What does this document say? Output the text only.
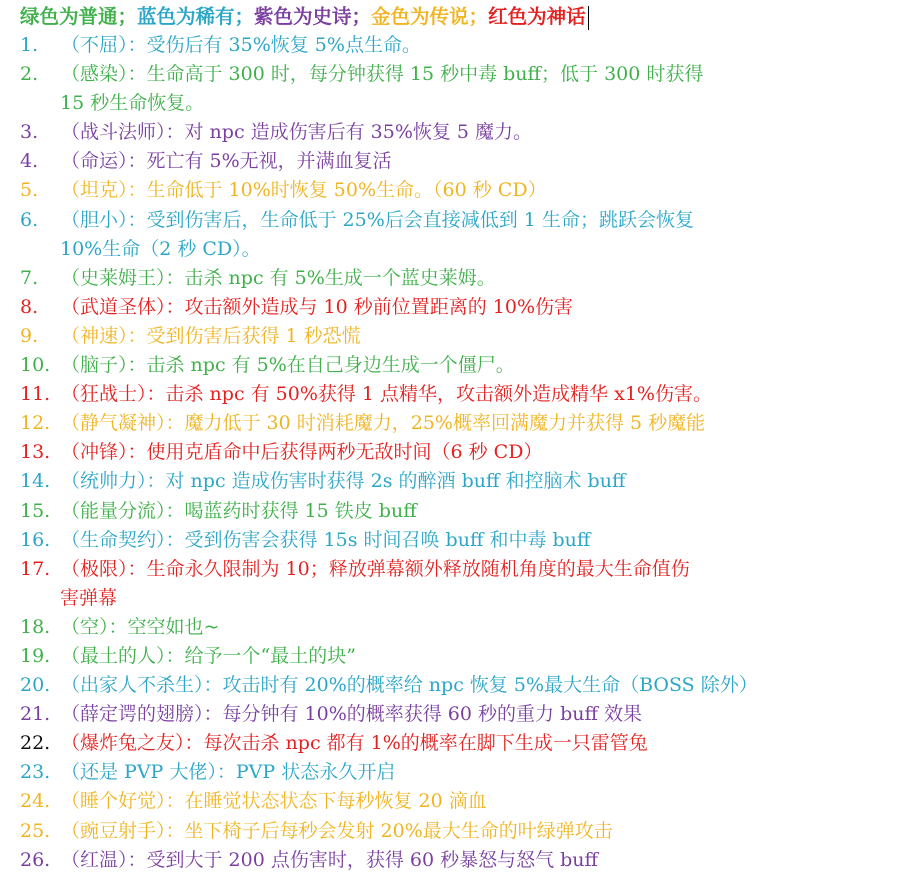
绿色为普通；蓝色为稀有；紫色为史诗；金色为传说；红色为神话
1.	（不屈）：受伤后有 35%恢复 5%点生命。
2.	（感染）：生命高于 300 时，每分钟获得 15 秒中毒 buff；低于 300 时获得
15 秒生命恢复。
3.	（战斗法师）：对 npc 造成伤害后有 35%恢复 5 魔力。
4.	（命运）：死亡有 5%无视，并满血复活
5.	（坦克）：生命低于 10%时恢复 50%生命。（60 秒 CD）
6.	（胆小）：受到伤害后，生命低于 25%后会直接减低到 1 生命；跳跃会恢复
10%生命（2 秒 CD）。
7.	（史莱姆王）：击杀 npc 有 5%生成一个蓝史莱姆。
8.	（武道圣体）：攻击额外造成与 10 秒前位置距离的 10%伤害
9.	（神速）：受到伤害后获得 1 秒恐慌
10. （脑子）：击杀 npc 有 5%在自己身边生成一个僵尸。
11. （狂战士）：击杀 npc 有 50%获得 1 点精华，攻击额外造成精华 x1%伤害。
12. （静气凝神）：魔力低于 30 时消耗魔力，25%概率回满魔力并获得 5 秒魔能
13. （冲锋）：使用克盾命中后获得两秒无敌时间（6 秒 CD）
14. （统帅力）：对 npc 造成伤害时获得 2s 的醉酒 buff 和控脑术 buff
15. （能量分流）：喝蓝药时获得 15 铁皮 buff
16. （生命契约）：受到伤害会获得 15s 时间召唤 buff 和中毒 buff
17. （极限）：生命永久限制为 10；释放弹幕额外释放随机角度的最大生命值伤
害弹幕
18. （空）：空空如也~
19. （最土的人）：给予一个“最土的块”
20. （出家人不杀生）：攻击时有 20%的概率给 npc 恢复 5%最大生命（BOSS 除外）
21. （薛定谔的翅膀）：每分钟有 10%的概率获得 60 秒的重力 buff 效果
22. （爆炸兔之友）：每次击杀 npc 都有 1%的概率在脚下生成一只雷管兔
23. （还是 PVP 大佬）：PVP 状态永久开启
24. （睡个好觉）：在睡觉状态状态下每秒恢复 20 滴血
25. （豌豆射手）：坐下椅子后每秒会发射 20%最大生命的叶绿弹攻击
26. （红温）：受到大于 200 点伤害时，获得 60 秒暴怒与怒气 buff
